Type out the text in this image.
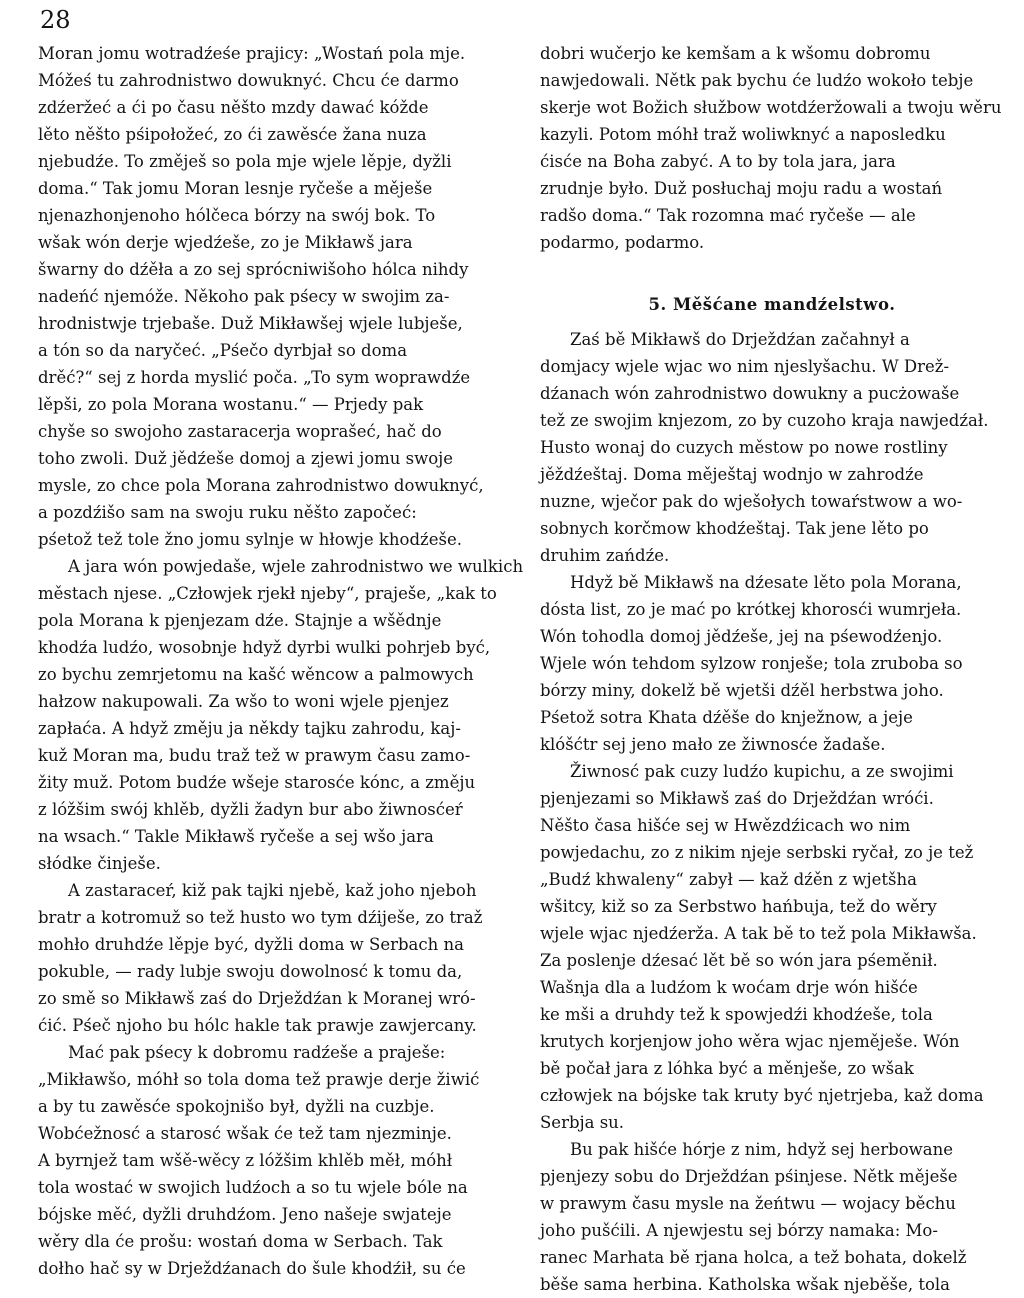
28

Moran jomu wotradźeśe prajicy: „Wostań pola mje.
Móžeś tu zahrodnistwo dowuknyć. Chcu će darmo
zdźeržeć a ći po času něšto mzdy dawać kóžde
lěto něšto pśipołožeć, zo ći zawěsće žana nuza
njebudźe. To změješ so pola mje wjele lěpje, dyžli
doma.“ Tak jomu Moran lesnje ryčeše a měješe
njenazhonjenoho hólčeca bórzy na swój bok. To
wšak wón derje wjedźeše, zo je Mikławš jara
šwarny do dźěła a zo sej sprócniwišoho hólca nihdy
nadeńć njemóže. Někoho pak pśecy w swojim za-
hrodnistwje trjebaše. Duž Mikławšej wjele lubješe,
a tón so da naryčeć. „Pśečo dyrbjał so doma
drěć?“ sej z horda myslić poča. „To sym woprawdźe
lěpši, zo pola Morana wostanu.“ — Prjedy pak
chyše so swojoho zastaracerja woprašeć, hač do
toho zwoli. Duž jědźeše domoj a zjewi jomu swoje
mysle, zo chce pola Morana zahrodnistwo dowuknyć,
a pozdźišo sam na swoju ruku něšto započeć:
pśetož tež tole žno jomu sylnje w hłowje khodźeše.

A jara wón powjedaše, wjele zahrodnistwo we wulkich
městach njese. „Człowjek rjekł njeby“, praješe, „kak to
pola Morana k pjenjezam dźe. Stajnje a wšědnje
khodźa ludźo, wosobnje hdyž dyrbi wulki pohrjeb być,
zo bychu zemrjetomu na kašć wěncow a palmowych
hałzow nakupowali. Za wšo to woni wjele pjenjez
zapłaća. A hdyž změju ja někdy tajku zahrodu, kaj-
kuž Moran ma, budu traž tež w prawym času zamo-
žity muž. Potom budźe wšeje starosće kónc, a změju
z lóžšim swój khlěb, dyžli žadyn bur abo žiwnosćeŕ
na wsach.“ Takle Mikławš ryčeše a sej wšo jara
słódke činješe.

A zastaraceŕ, kiž pak tajki njebě, kaž joho njeboh
bratr a kotromuž so tež husto wo tym dźiješe, zo traž
mohło druhdźe lěpje być, dyžli doma w Serbach na
pokuble, — rady lubje swoju dowolnosć k tomu da,
zo smě so Mikławš zaś do Drježdźan k Moranej wró-
ćić. Pśeč njoho bu hólc hakle tak prawje zawjercany.

Mać pak pśecy k dobromu radźeše a praješe:
„Mikławšo, móhł so tola doma tež prawje derje žiwić
a by tu zawěsće spokojnišo był, dyžli na cuzbje.
Wobćežnosć a starosć wšak će tež tam njezminje.
A byrnjež tam wšě-wěcy z lóžšim khlěb měł, móhł
tola wostać w swojich ludźoch a so tu wjele bóle na
bójske měć, dyžli druhdźom. Jeno našeje swjateje
wěry dla će prošu: wostań doma w Serbach. Tak
dołho hač sy w Drježdźanach do šule khodźił, su će

dobri wučerjo ke kemšam a k wšomu dobromu
nawjedowali. Nětk pak bychu će ludźo wokoło tebje
skerje wot Božich słužbow wotdźeržowali a twoju wěru
kazyli. Potom móhł traž woliwknyć a naposledku
ćisće na Boha zabyć. A to by tola jara, jara
zrudnje było. Duž posłuchaj moju radu a wostań
radšo doma.“ Tak rozomna mać ryčeše — ale
podarmo, podarmo.

5. Měšćane mandźelstwo.

Zaś bě Mikławš do Drježdźan začahnył a
domjacy wjele wjac wo nim njeslyšachu. W Drež-
dźanach wón zahrodnistwo dowukny a pucżowaše
tež ze swojim knjezom, zo by cuzoho kraja nawjedźał.
Husto wonaj do cuzych městow po nowe rostliny
jěždźeštaj. Doma měještaj wodnjo w zahrodźe
nuzne, wječor pak do wješołych towaŕstwow a wo-
sobnych korčmow khodźeštaj. Tak jene lěto po
druhim zańdźe.

Hdyž bě Mikławš na dźesate lěto pola Morana,
dósta list, zo je mać po krótkej khorosći wumrjeła.
Wón tohodla domoj jědźeše, jej na pśewodźenjo.
Wjele wón tehdom sylzow ronješe; tola zruboba so
bórzy miny, dokelž bě wjetši dźěl herbstwa joho.
Pśetož sotra Khata dźěše do knježnow, a jeje
klóšćtr sej jeno mało ze žiwnosće žadaše.

Žiwnosć pak cuzy ludźo kupichu, a ze swojimi
pjenjezami so Mikławš zaś do Drježdźan wróći.
Něšto časa hišće sej w Hwězdźicach wo nim
powjedachu, zo z nikim njeje serbski ryčał, zo je tež
„Budź khwaleny“ zabył — kaž dźěn z wjetšha
wšitcy, kiž so za Serbstwo hańbuja, tež do wěry
wjele wjac njedźerža. A tak bě to tež pola Mikławša.
Za poslenje dźesać lět bě so wón jara pśeměnił.
Wašnja dla a ludźom k woćam drje wón hišće
ke mši a druhdy tež k spowjedźi khodźeše, tola
krutych korjenjow joho wěra wjac njeměješe. Wón
bě počał jara z lóhka być a měnješe, zo wšak
człowjek na bójske tak kruty być njetrjeba, kaž doma
Serbja su.

Bu pak hišće hórje z nim, hdyž sej herbowane
pjenjezy sobu do Drježdźan pśinjese. Nětk měješe
w prawym času mysle na žeńtwu — wojacy běchu
joho pušćili. A njewjestu sej bórzy namaka: Mo-
ranec Marhata bě rjana holca, a tež bohata, dokelž
běše sama herbina. Katholska wšak njeběše, tola
